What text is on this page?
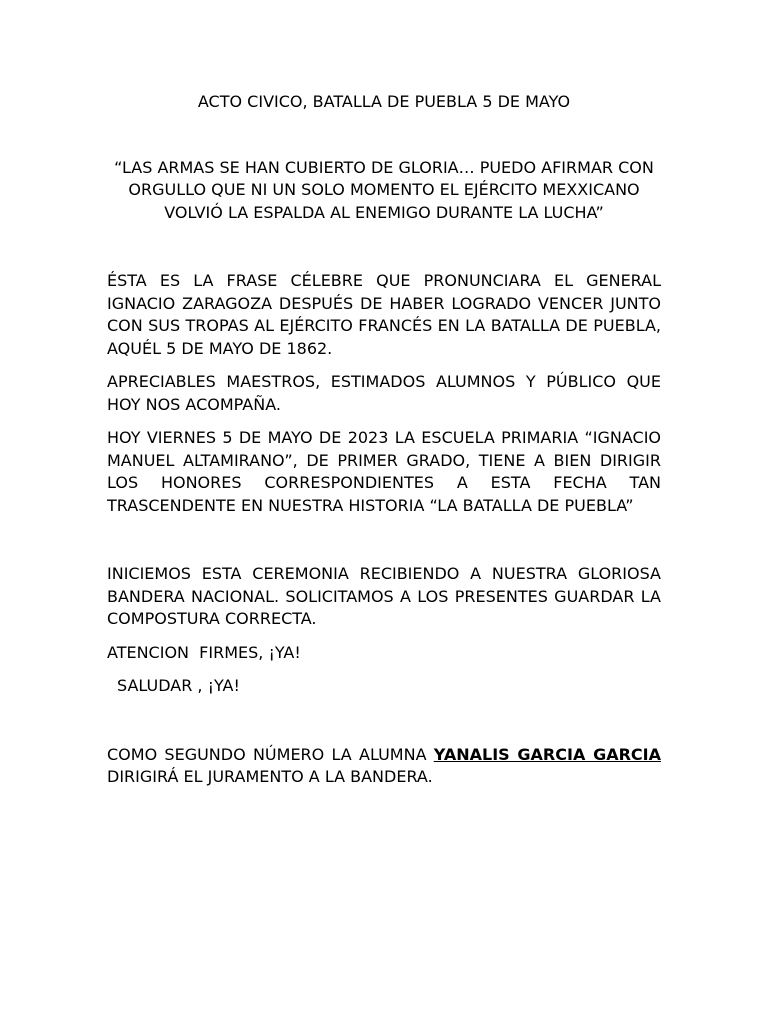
ACTO CIVICO, BATALLA DE PUEBLA 5 DE MAYO

“LAS ARMAS SE HAN CUBIERTO DE GLORIA… PUEDO AFIRMAR CON ORGULLO QUE NI UN SOLO MOMENTO EL EJÉRCITO MEXXICANO VOLVIÓ LA ESPALDA AL ENEMIGO DURANTE LA LUCHA”

ÉSTA ES LA FRASE CÉLEBRE QUE PRONUNCIARA EL GENERAL IGNACIO ZARAGOZA DESPUÉS DE HABER LOGRADO VENCER JUNTO CON SUS TROPAS AL EJÉRCITO FRANCÉS EN LA BATALLA DE PUEBLA, AQUÉL 5 DE MAYO DE 1862.

APRECIABLES MAESTROS, ESTIMADOS ALUMNOS Y PÚBLICO QUE HOY NOS ACOMPAÑA.

HOY VIERNES 5 DE MAYO DE 2023 LA ESCUELA PRIMARIA “IGNACIO MANUEL ALTAMIRANO”, DE PRIMER GRADO, TIENE A BIEN DIRIGIR LOS HONORES CORRESPONDIENTES A ESTA FECHA TAN TRASCENDENTE EN NUESTRA HISTORIA “LA BATALLA DE PUEBLA”

INICIEMOS ESTA CEREMONIA RECIBIENDO A NUESTRA GLORIOSA BANDERA NACIONAL. SOLICITAMOS A LOS PRESENTES GUARDAR LA COMPOSTURA CORRECTA.

ATENCION  FIRMES, ¡YA!

SALUDAR , ¡YA!

COMO SEGUNDO NÚMERO LA ALUMNA YANALIS GARCIA GARCIA DIRIGIRÁ EL JURAMENTO A LA BANDERA.
